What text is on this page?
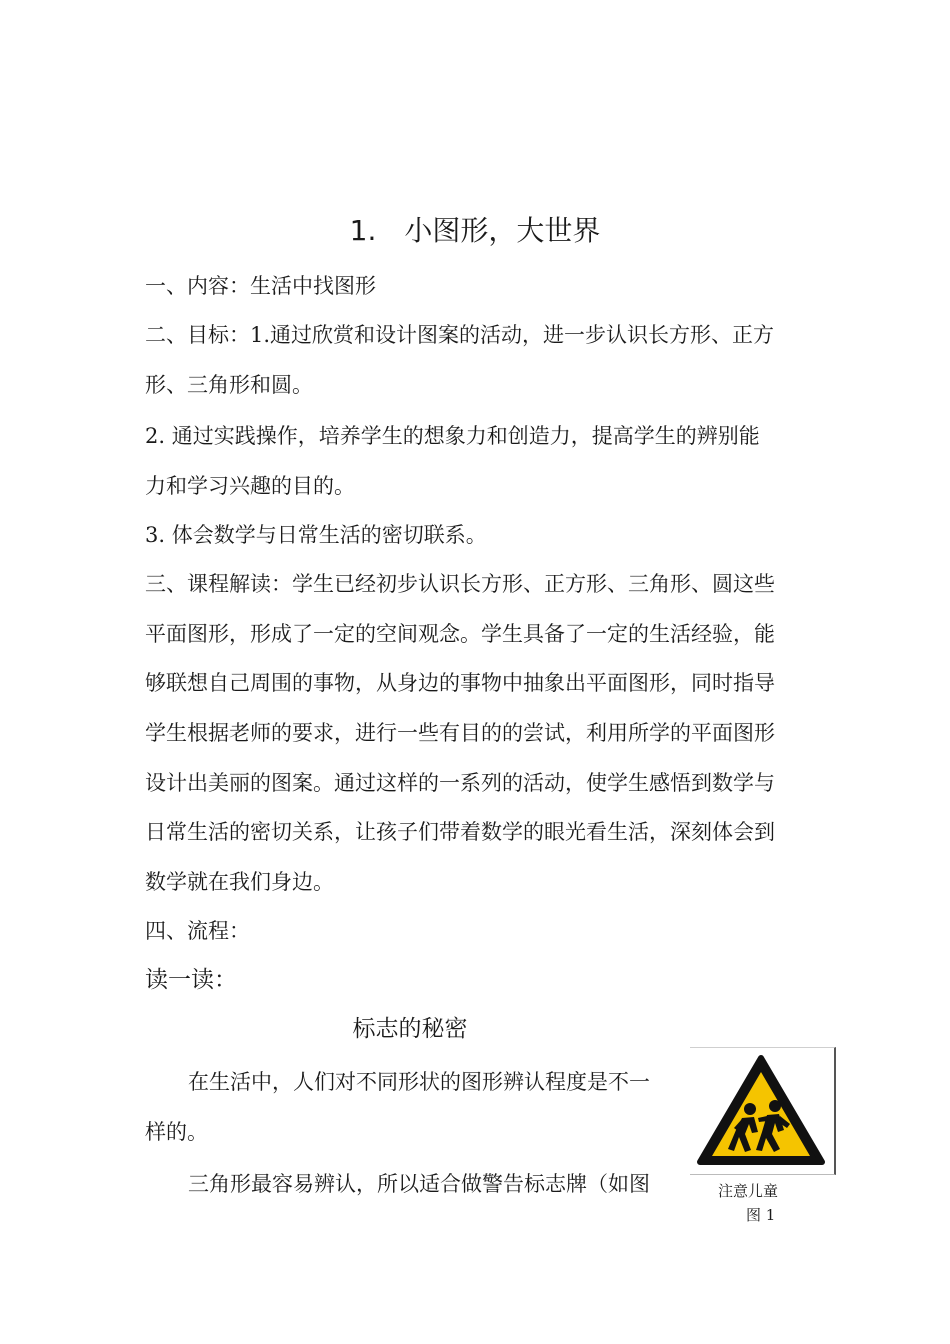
1. 小图形，大世界
一、内容：生活中找图形
二、目标：1.通过欣赏和设计图案的活动，进一步认识长方形、正方
形、三角形和圆。
2. 通过实践操作，培养学生的想象力和创造力，提高学生的辨别能
力和学习兴趣的目的。
3. 体会数学与日常生活的密切联系。
三、课程解读：学生已经初步认识长方形、正方形、三角形、圆这些
平面图形，形成了一定的空间观念。学生具备了一定的生活经验，能
够联想自己周围的事物，从身边的事物中抽象出平面图形，同时指导
学生根据老师的要求，进行一些有目的的尝试，利用所学的平面图形
设计出美丽的图案。通过这样的一系列的活动，使学生感悟到数学与
日常生活的密切关系，让孩子们带着数学的眼光看生活，深刻体会到
数学就在我们身边。
四、流程：
读一读：
标志的秘密
在生活中，人们对不同形状的图形辨认程度是不一
样的。
三角形最容易辨认，所以适合做警告标志牌（如图	注意儿童
图 1
